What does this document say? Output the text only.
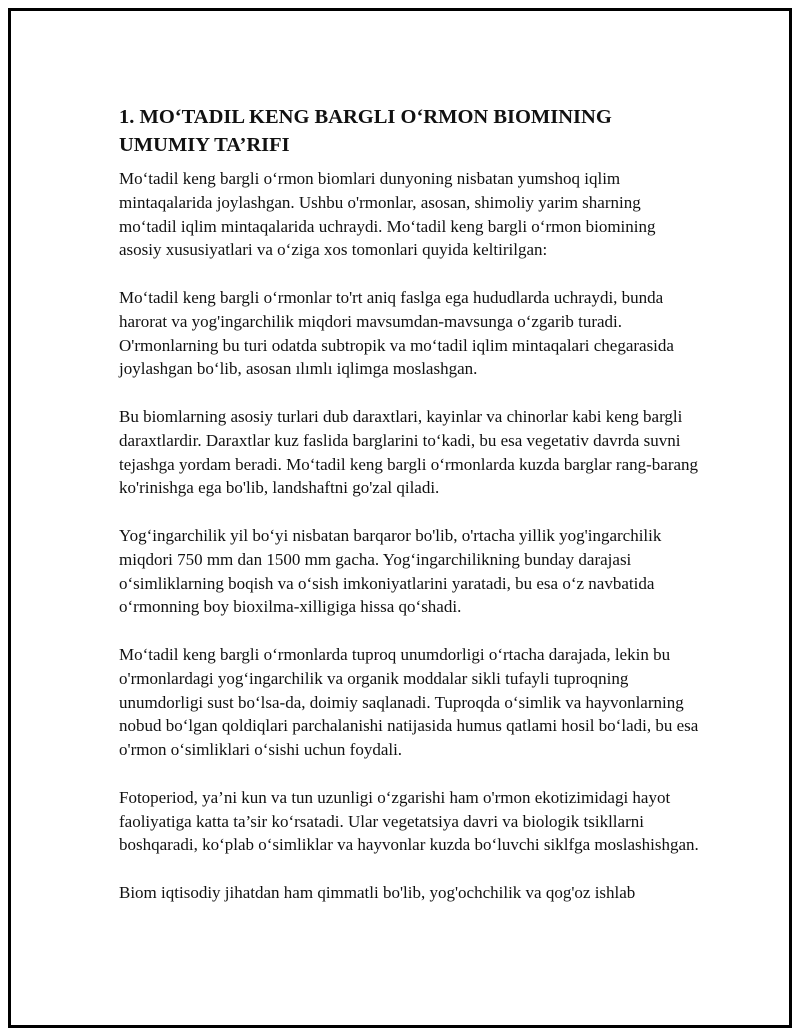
1. MO‘TADIL KENG BARGLI O‘RMON BIOMINING UMUMIY TA’RIFI

Mo‘tadil keng bargli o‘rmon biomlari dunyoning nisbatan yumshoq iqlim mintaqalarida joylashgan. Ushbu o'rmonlar, asosan, shimoliy yarim sharning mo‘tadil iqlim mintaqalarida uchraydi. Mo‘tadil keng bargli o‘rmon biomining asosiy xususiyatlari va o‘ziga xos tomonlari quyida keltirilgan:

Mo‘tadil keng bargli o‘rmonlar to'rt aniq faslga ega hududlarda uchraydi, bunda harorat va yog'ingarchilik miqdori mavsumdan-mavsunga o‘zgarib turadi. O'rmonlarning bu turi odatda subtropik va mo‘tadil iqlim mintaqalari chegarasida joylashgan bo‘lib, asosan ılımlı iqlimga moslashgan.

Bu biomlarning asosiy turlari dub daraxtlari, kayinlar va chinorlar kabi keng bargli daraxtlardir. Daraxtlar kuz faslida barglarini to‘kadi, bu esa vegetativ davrda suvni tejashga yordam beradi. Mo‘tadil keng bargli o‘rmonlarda kuzda barglar rang-barang ko'rinishga ega bo'lib, landshaftni go'zal qiladi.

Yog‘ingarchilik yil bo‘yi nisbatan barqaror bo'lib, o'rtacha yillik yog'ingarchilik miqdori 750 mm dan 1500 mm gacha. Yog‘ingarchilikning bunday darajasi o‘simliklarning boqish va o‘sish imkoniyatlarini yaratadi, bu esa o‘z navbatida o‘rmonning boy bioxilma-xilligiga hissa qo‘shadi.

Mo‘tadil keng bargli o‘rmonlarda tuproq unumdorligi o‘rtacha darajada, lekin bu o'rmonlardagi yog‘ingarchilik va organik moddalar sikli tufayli tuproqning unumdorligi sust bo‘lsa-da, doimiy saqlanadi. Tuproqda o‘simlik va hayvonlarning nobud bo‘lgan qoldiqlari parchalanishi natijasida humus qatlami hosil bo‘ladi, bu esa o'rmon o‘simliklari o‘sishi uchun foydali.

Fotoperiod, ya’ni kun va tun uzunligi o‘zgarishi ham o'rmon ekotizimidagi hayot faoliyatiga katta ta’sir ko‘rsatadi. Ular vegetatsiya davri va biologik tsikllarni boshqaradi, ko‘plab o‘simliklar va hayvonlar kuzda bo‘luvchi siklfga moslashishgan.

Biom iqtisodiy jihatdan ham qimmatli bo'lib, yog'ochchilik va qog'oz ishlab
